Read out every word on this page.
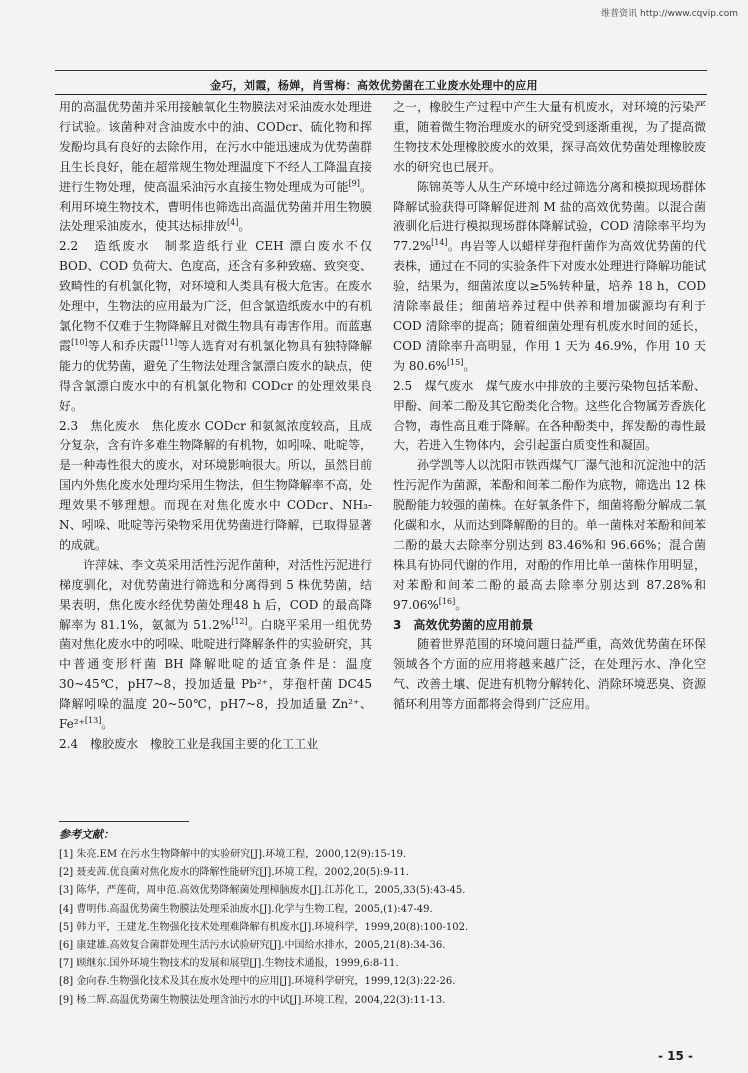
维普资讯 http://www.cqvip.com
金巧，刘霞，杨婵，肖雪梅：高效优势菌在工业废水处理中的应用

用的高温优势菌并采用接触氧化生物膜法对采油废水处理进行试验。该菌种对含油废水中的油、CODcr、硫化物和挥发酚均具有良好的去除作用，在污水中能迅速成为优势菌群且生长良好，能在超常规生物处理温度下不经人工降温直接进行生物处理，使高温采油污水直接生物处理成为可能[9]。利用环境生物技术，曹明伟也筛选出高温优势菌并用生物膜法处理采油废水，使其达标排放[4]。

2.2　造纸废水　制浆造纸行业 CEH 漂白废水不仅 BOD、COD 负荷大、色度高，还含有多种致癌、致突变、致畸性的有机氯化物，对环境和人类具有极大危害。在废水处理中，生物法的应用最为广泛，但含氯造纸废水中的有机氯化物不仅难于生物降解且对微生物具有毒害作用。而蓝惠霞[10]等人和乔庆霞[11]等人选育对有机氯化物具有独特降解能力的优势菌，避免了生物法处理含氯漂白废水的缺点，使得含氯漂白废水中的有机氯化物和 CODcr 的处理效果良好。

2.3　焦化废水　焦化废水 CODcr 和氨氮浓度较高，且成分复杂，含有许多难生物降解的有机物，如吲哚、吡啶等，是一种毒性很大的废水，对环境影响很大。所以，虽然目前国内外焦化废水处理均采用生物法，但生物降解率不高，处理效果不够理想。而现在对焦化废水中 CODcr、NH₃-N、吲哚、吡啶等污染物采用优势菌进行降解，已取得显著的成就。

许萍妹、李文英采用活性污泥作菌种，对活性污泥进行梯度驯化，对优势菌进行筛选和分离得到 5 株优势菌，结果表明，焦化废水经优势菌处理48 h 后，COD 的最高降解率为 81.1%，氨氮为 51.2%[12]。白晓平采用一组优势菌对焦化废水中的吲哚、吡啶进行降解条件的实验研究，其中普通变形杆菌 BH 降解吡啶的适宜条件是：温度 30~45℃，pH7~8，投加适量 Pb²⁺，芽孢杆菌 DC45 降解吲哚的温度 20~50℃，pH7~8，投加适量 Zn²⁺、Fe²⁺[13]。

2.4　橡胶废水　橡胶工业是我国主要的化工工业

之一，橡胶生产过程中产生大量有机废水，对环境的污染严重，随着微生物治理废水的研究受到逐渐重视，为了提高微生物技术处理橡胶废水的效果，探寻高效优势菌处理橡胶废水的研究也已展开。

陈锦英等人从生产环境中经过筛选分离和模拟现场群体降解试验获得可降解促进剂 M 盐的高效优势菌。以混合菌液驯化后进行模拟现场群体降解试验，COD 清除率平均为 77.2%[14]。冉岩等人以蜡样芽孢杆菌作为高效优势菌的代表株，通过在不同的实验条件下对废水处理进行降解功能试验，结果为，细菌浓度以≥5%转种量，培养 18 h，COD 清除率最佳；细菌培养过程中供养和增加碳源均有利于 COD 清除率的提高；随着细菌处理有机废水时间的延长，COD 清除率升高明显，作用 1 天为 46.9%，作用 10 天为 80.6%[15]。

2.5　煤气废水　煤气废水中排放的主要污染物包括苯酚、甲酚、间苯二酚及其它酚类化合物。这些化合物属芳香族化合物，毒性高且难于降解。在各种酚类中，挥发酚的毒性最大，若进入生物体内，会引起蛋白质变性和凝固。

孙学凯等人以沈阳市铁西煤气厂瀑气池和沉淀池中的活性污泥作为菌源，苯酚和间苯二酚作为底物，筛选出 12 株脱酚能力较强的菌株。在好氧条件下，细菌将酚分解成二氧化碳和水，从而达到降解酚的目的。单一菌株对苯酚和间苯二酚的最大去除率分别达到 83.46%和 96.66%；混合菌株具有协同代谢的作用，对酚的作用比单一菌株作用明显，对苯酚和间苯二酚的最高去除率分别达到 87.28%和 97.06%[16]。

3　高效优势菌的应用前景

随着世界范围的环境问题日益严重，高效优势菌在环保领域各个方面的应用将越来越广泛，在处理污水、净化空气、改善土壤、促进有机物分解转化、消除环境恶臭、资源循环利用等方面都将会得到广泛应用。

参考文献：
[1] 朱亮.EM 在污水生物降解中的实验研究[J].环境工程，2000,12(9):15-19.
[2] 聂麦茜.优良菌对焦化废水的降解性能研究[J].环境工程，2002,20(5):9-11.
[3] 陈华，严莲荷，周申范.高效优势降解菌处理樟脑废水[J].江苏化工，2005,33(5):43-45.
[4] 曹明伟.高温优势菌生物膜法处理采油废水[J].化学与生物工程，2005,(1):47-49.
[5] 韩力平，王建龙.生物强化技术处理难降解有机废水[J].环境科学，1999,20(8):100-102.
[6] 康建雄.高效复合菌群处理生活污水试验研究[J].中国给水排水，2005,21(8):34-36.
[7] 顾继东.国外环境生物技术的发展和展望[J].生物技术通报，1999,6:8-11.
[8] 金向春.生物强化技术及其在废水处理中的应用[J].环境科学研究，1999,12(3):22-26.
[9] 杨二辉.高温优势菌生物膜法处理含油污水的中试[J].环境工程，2004,22(3):11-13.
- 15 -
